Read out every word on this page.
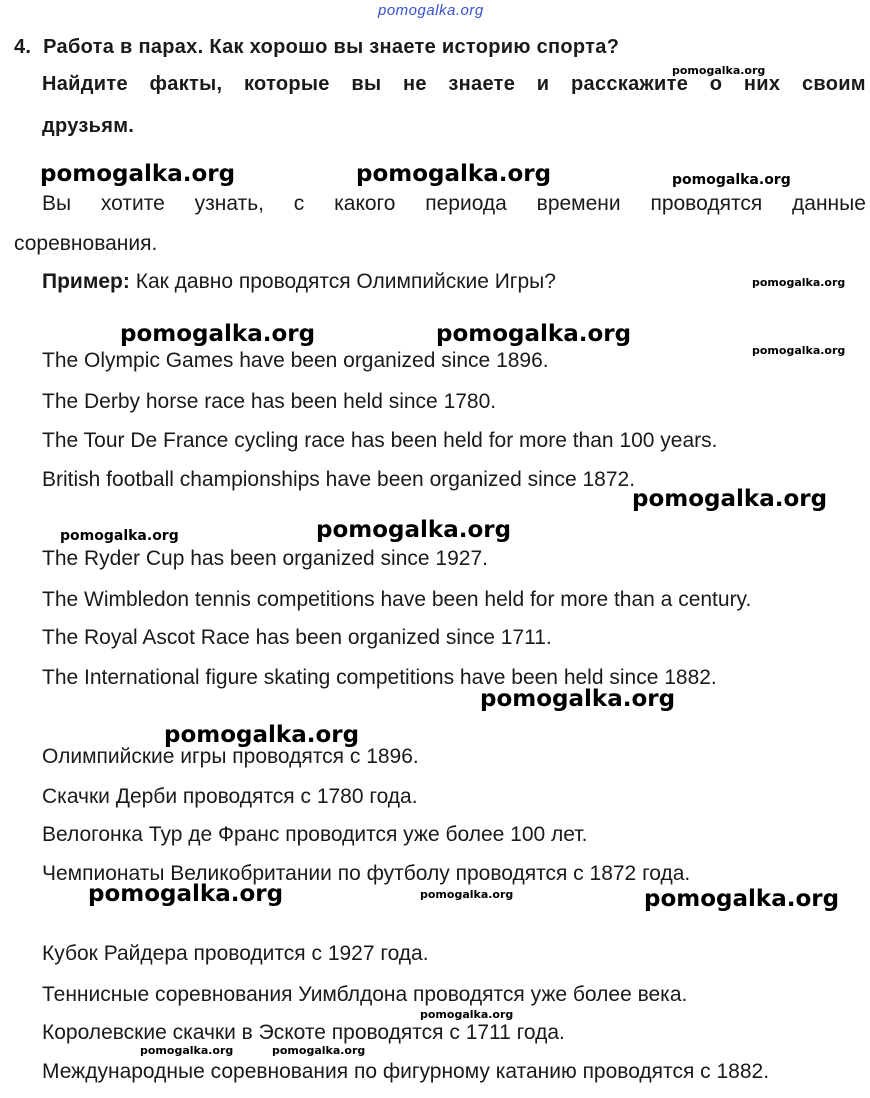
pomogalka.org
4. Работа в парах. Как хорошо вы знаете историю спорта?
Найдите факты, которые вы не знаете и расскажите о них своим
друзьям.
Вы хотите узнать, с какого периода времени проводятся данные
соревнования.
Пример: Как давно проводятся Олимпийские Игры?
The Olympic Games have been organized since 1896.
The Derby horse race has been held since 1780.
The Tour De France cycling race has been held for more than 100 years.
British football championships have been organized since 1872.
The Ryder Cup has been organized since 1927.
The Wimbledon tennis competitions have been held for more than a century.
The Royal Ascot Race has been organized since 1711.
The International figure skating competitions have been held since 1882.
Олимпийские игры проводятся с 1896.
Скачки Дерби проводятся с 1780 года.
Велогонка Тур де Франс проводится уже более 100 лет.
Чемпионаты Великобритании по футболу проводятся с 1872 года.
Кубок Райдера проводится с 1927 года.
Теннисные соревнования Уимблдона проводятся уже более века.
Королевские скачки в Эскоте проводятся с 1711 года.
Международные соревнования по фигурному катанию проводятся с 1882.
pomogalka.org	pomogalka.org
pomogalka.org	pomogalka.org
pomogalka.org
pomogalka.org
pomogalka.org
pomogalka.org
pomogalka.org	pomogalka.org
pomogalka.org
pomogalka.org
pomogalka.org
pomogalka.org
pomogalka.org
pomogalka.org
pomogalka.org
pomogalka.org	pomogalka.org
